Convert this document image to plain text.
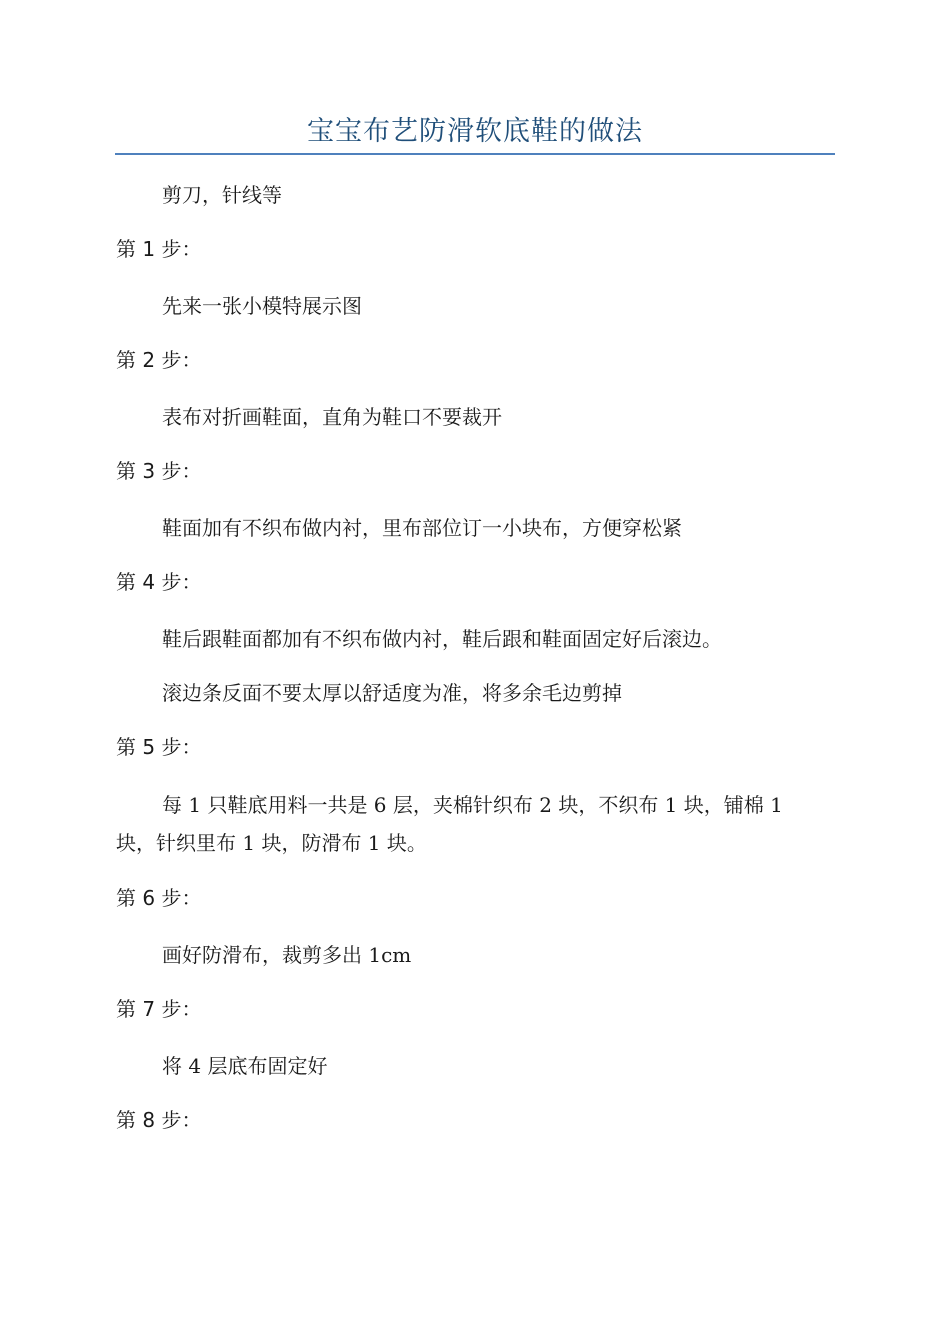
宝宝布艺防滑软底鞋的做法

剪刀，针线等

第 1 步：

先来一张小模特展示图

第 2 步：

表布对折画鞋面，直角为鞋口不要裁开

第 3 步：

鞋面加有不织布做内衬，里布部位订一小块布，方便穿松紧

第 4 步：

鞋后跟鞋面都加有不织布做内衬，鞋后跟和鞋面固定好后滚边。

滚边条反面不要太厚以舒适度为准，将多余毛边剪掉

第 5 步：

每 1 只鞋底用料一共是 6 层，夹棉针织布 2 块，不织布 1 块，铺棉 1 块，针织里布 1 块，防滑布 1 块。

第 6 步：

画好防滑布，裁剪多出 1cm

第 7 步：

将 4 层底布固定好

第 8 步：
